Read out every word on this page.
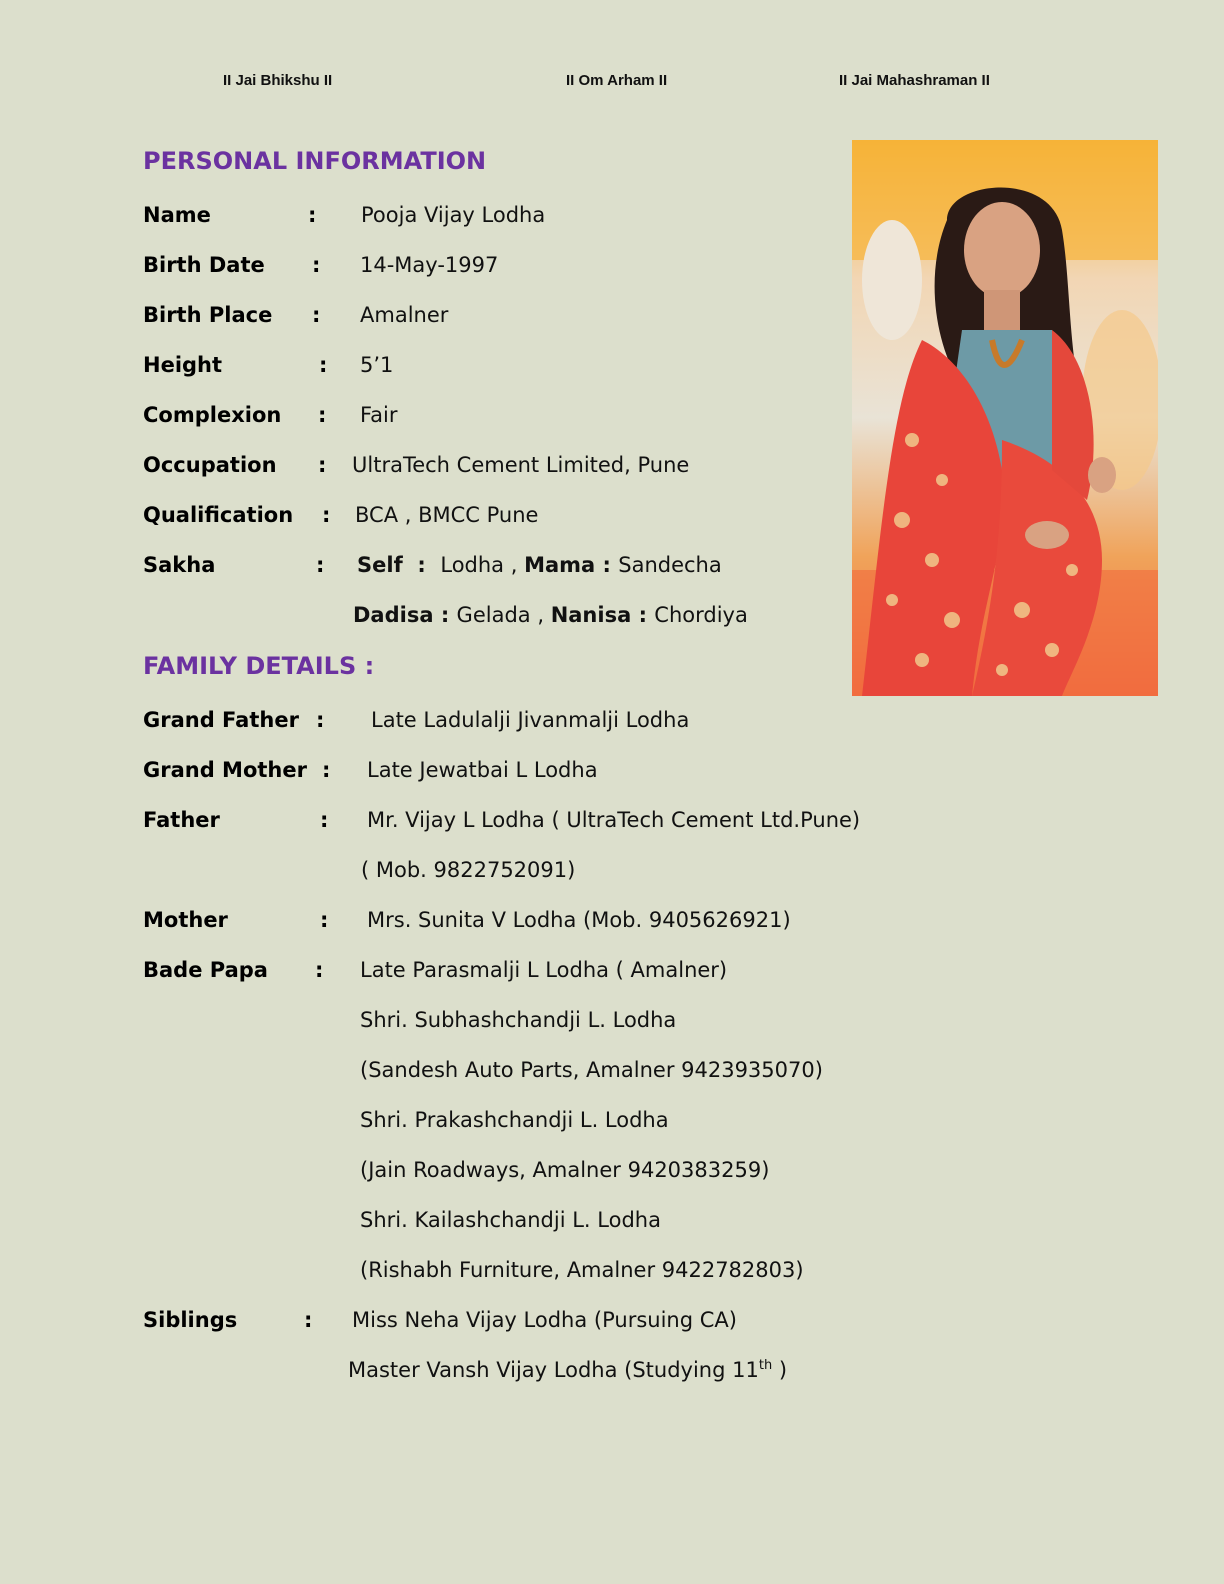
II Jai Bhikshu II	II Om Arham II	II Jai Mahashraman II
PERSONAL INFORMATION
Name	: Pooja Vijay Lodha
Birth Date : 14-May-1997
Birth Place : Amalner
Height	: 5’1
Complexion : Fair
Occupation : UltraTech Cement Limited, Pune
Qualification : BCA , BMCC Pune
Sakha	: Self  :  Lodha , Mama : Sandecha
Dadisa : Gelada , Nanisa : Chordiya
FAMILY DETAILS :
Grand Father : Late Ladulalji Jivanmalji Lodha
Grand Mother : Late Jewatbai L Lodha
Father	: Mr. Vijay L Lodha ( UltraTech Cement Ltd.Pune)
( Mob. 9822752091)
Mother	: Mrs. Sunita V Lodha (Mob. 9405626921)
Bade Papa : Late Parasmalji L Lodha ( Amalner)
Shri. Subhashchandji L. Lodha
(Sandesh Auto Parts, Amalner 9423935070)
Shri. Prakashchandji L. Lodha
(Jain Roadways, Amalner 9420383259)
Shri. Kailashchandji L. Lodha
(Rishabh Furniture, Amalner 9422782803)
Siblings	: Miss Neha Vijay Lodha (Pursuing CA)
Master Vansh Vijay Lodha (Studying 11th )
